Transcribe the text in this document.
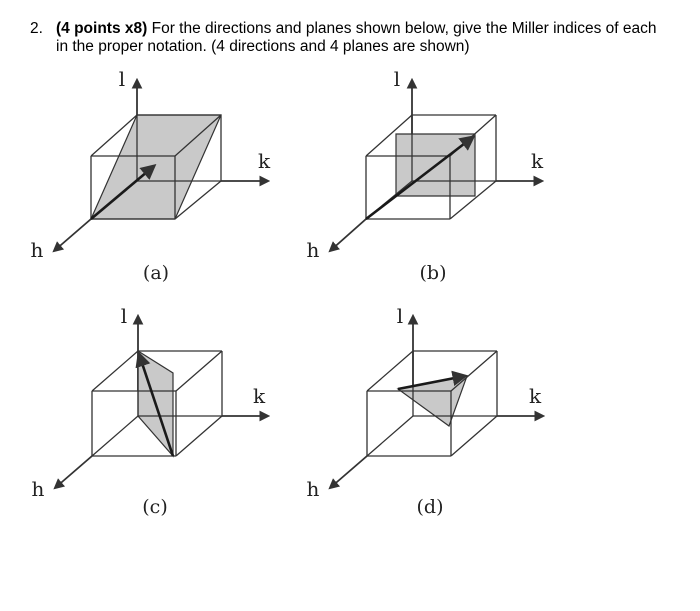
2. (4 points x8) For the directions and planes shown below, give the Miller indices of each
in the proper notation. (4 directions and 4 planes are shown)
l
k
h
(a)
l
k
h
(b)
l
k
h
(c)
l
k
h
(d)
